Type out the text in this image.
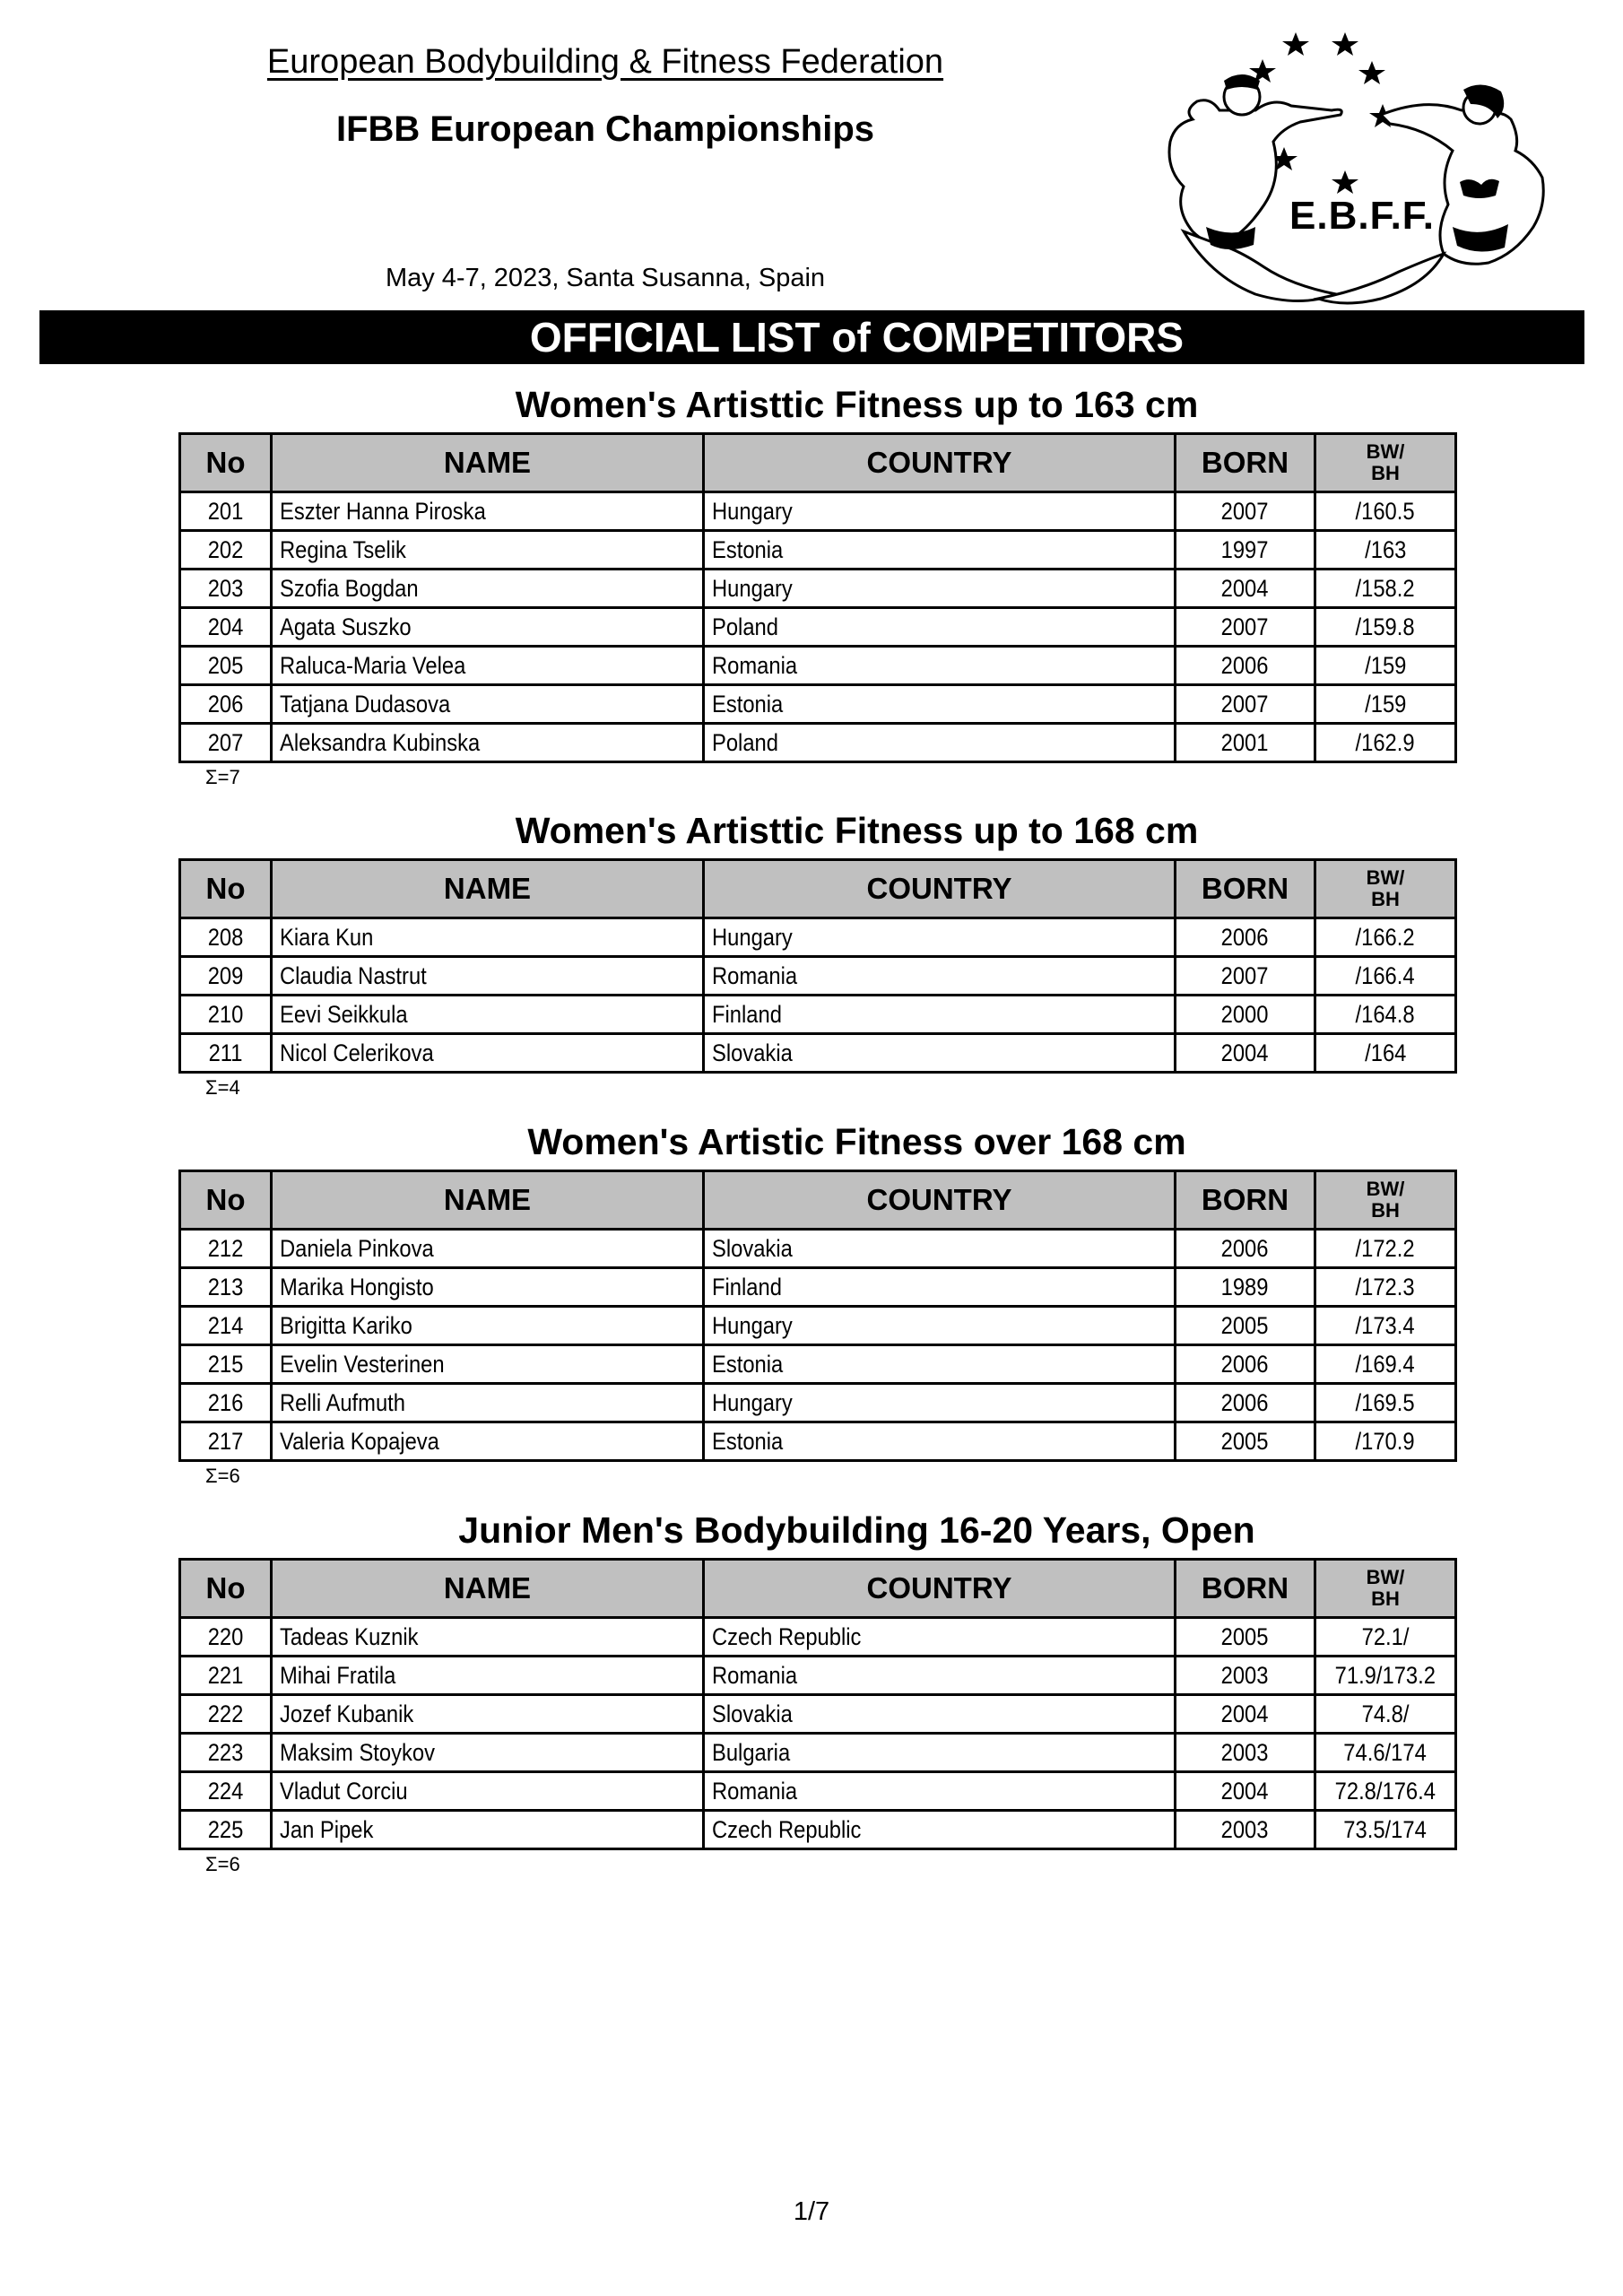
European Bodybuilding & Fitness Federation
IFBB European Championships
May 4-7, 2023, Santa Susanna, Spain
E.B.F.F.
OFFICIAL LIST of COMPETITORS
Women's Artisttic Fitness up to 163 cm
No	NAME	COUNTRY	BORN	BW/
BH

201	Eszter Hanna Piroska	Hungary	2007	/160.5
202	Regina Tselik	Estonia	1997	/163
203	Szofia Bogdan	Hungary	2004	/158.2
204	Agata Suszko	Poland	2007	/159.8
205	Raluca-Maria Velea	Romania	2006	/159
206	Tatjana Dudasova	Estonia	2007	/159
207	Aleksandra Kubinska	Poland	2001	/162.9
Σ=7
Women's Artisttic Fitness up to 168 cm
No	NAME	COUNTRY	BORN	BW/
BH

208	Kiara Kun	Hungary	2006	/166.2
209	Claudia Nastrut	Romania	2007	/166.4
210	Eevi Seikkula	Finland	2000	/164.8
211	Nicol Celerikova	Slovakia	2004	/164
Σ=4
Women's Artistic Fitness over 168 cm
No	NAME	COUNTRY	BORN	BW/
BH

212	Daniela Pinkova	Slovakia	2006	/172.2
213	Marika Hongisto	Finland	1989	/172.3
214	Brigitta Kariko	Hungary	2005	/173.4
215	Evelin Vesterinen	Estonia	2006	/169.4
216	Relli Aufmuth	Hungary	2006	/169.5
217	Valeria Kopajeva	Estonia	2005	/170.9
Σ=6
Junior Men's Bodybuilding 16-20 Years, Open
No	NAME	COUNTRY	BORN	BW/
BH

220	Tadeas Kuznik	Czech Republic	2005	72.1/
221	Mihai Fratila	Romania	2003	71.9/173.2
222	Jozef Kubanik	Slovakia	2004	74.8/
223	Maksim Stoykov	Bulgaria	2003	74.6/174
224	Vladut Corciu	Romania	2004	72.8/176.4
225	Jan Pipek	Czech Republic	2003	73.5/174
Σ=6
1/7
